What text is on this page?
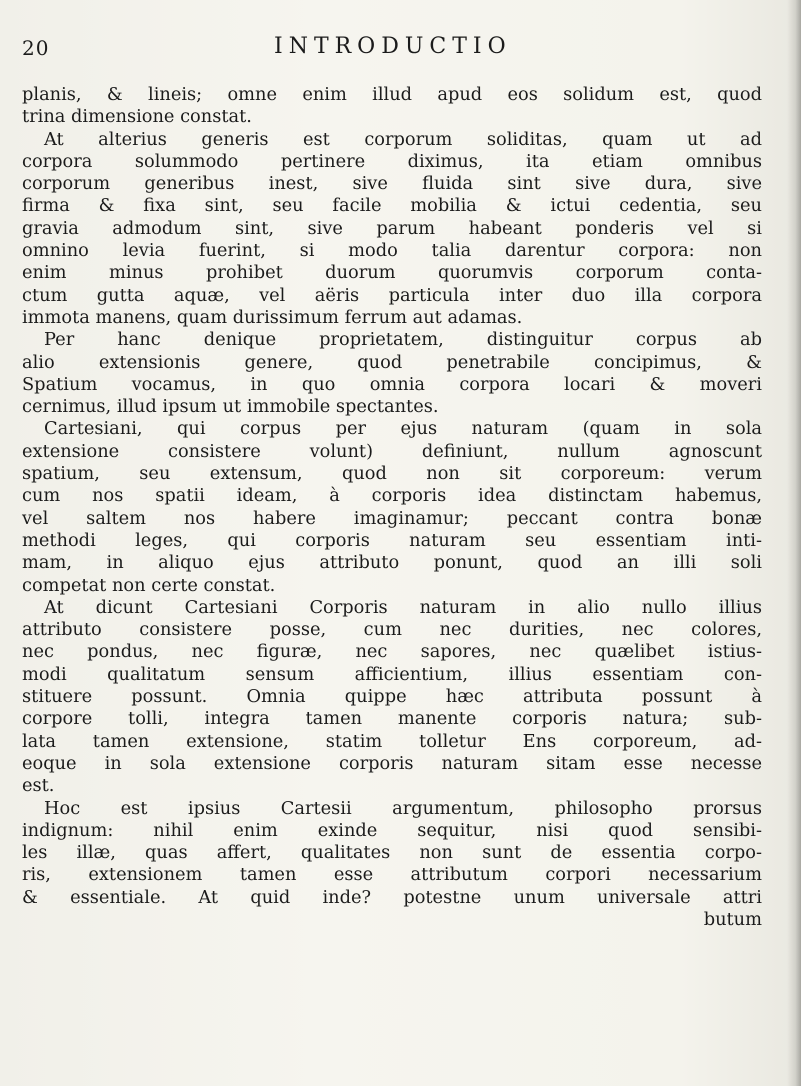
20	INTRODUCTIO
planis, & lineis; omne enim illud apud eos solidum est, quod
trina dimensione constat.
At alterius generis est corporum soliditas, quam ut ad
corpora solummodo pertinere diximus, ita etiam omnibus
corporum generibus inest, sive fluida sint sive dura, sive
firma & fixa sint, seu facile mobilia & ictui cedentia, seu
gravia admodum sint, sive parum habeant ponderis vel si
omnino levia fuerint, si modo talia darentur corpora: non
enim minus prohibet duorum quorumvis corporum conta-
ctum gutta aquæ, vel aëris particula inter duo illa corpora
immota manens, quam durissimum ferrum aut adamas.
Per hanc denique proprietatem, distinguitur corpus ab
alio extensionis genere, quod penetrabile concipimus, &
Spatium vocamus, in quo omnia corpora locari & moveri
cernimus, illud ipsum ut immobile spectantes.
Cartesiani, qui corpus per ejus naturam (quam in sola
extensione consistere volunt) definiunt, nullum agnoscunt
spatium, seu extensum, quod non sit corporeum: verum
cum nos spatii ideam, à corporis idea distinctam habemus,
vel saltem nos habere imaginamur; peccant contra bonæ
methodi leges, qui corporis naturam seu essentiam inti-
mam, in aliquo ejus attributo ponunt, quod an illi soli
competat non certe constat.
At dicunt Cartesiani Corporis naturam in alio nullo illius
attributo consistere posse, cum nec durities, nec colores,
nec pondus, nec figuræ, nec sapores, nec quælibet istius-
modi qualitatum sensum afficientium, illius essentiam con-
stituere possunt. Omnia quippe hæc attributa possunt à
corpore tolli, integra tamen manente corporis natura; sub-
lata tamen extensione, statim tolletur Ens corporeum, ad-
eoque in sola extensione corporis naturam sitam esse necesse
est.
Hoc est ipsius Cartesii argumentum, philosopho prorsus
indignum: nihil enim exinde sequitur, nisi quod sensibi-
les illæ, quas affert, qualitates non sunt de essentia corpo-
ris, extensionem tamen esse attributum corpori necessarium
& essentiale. At quid inde? potestne unum universale attri
butum
